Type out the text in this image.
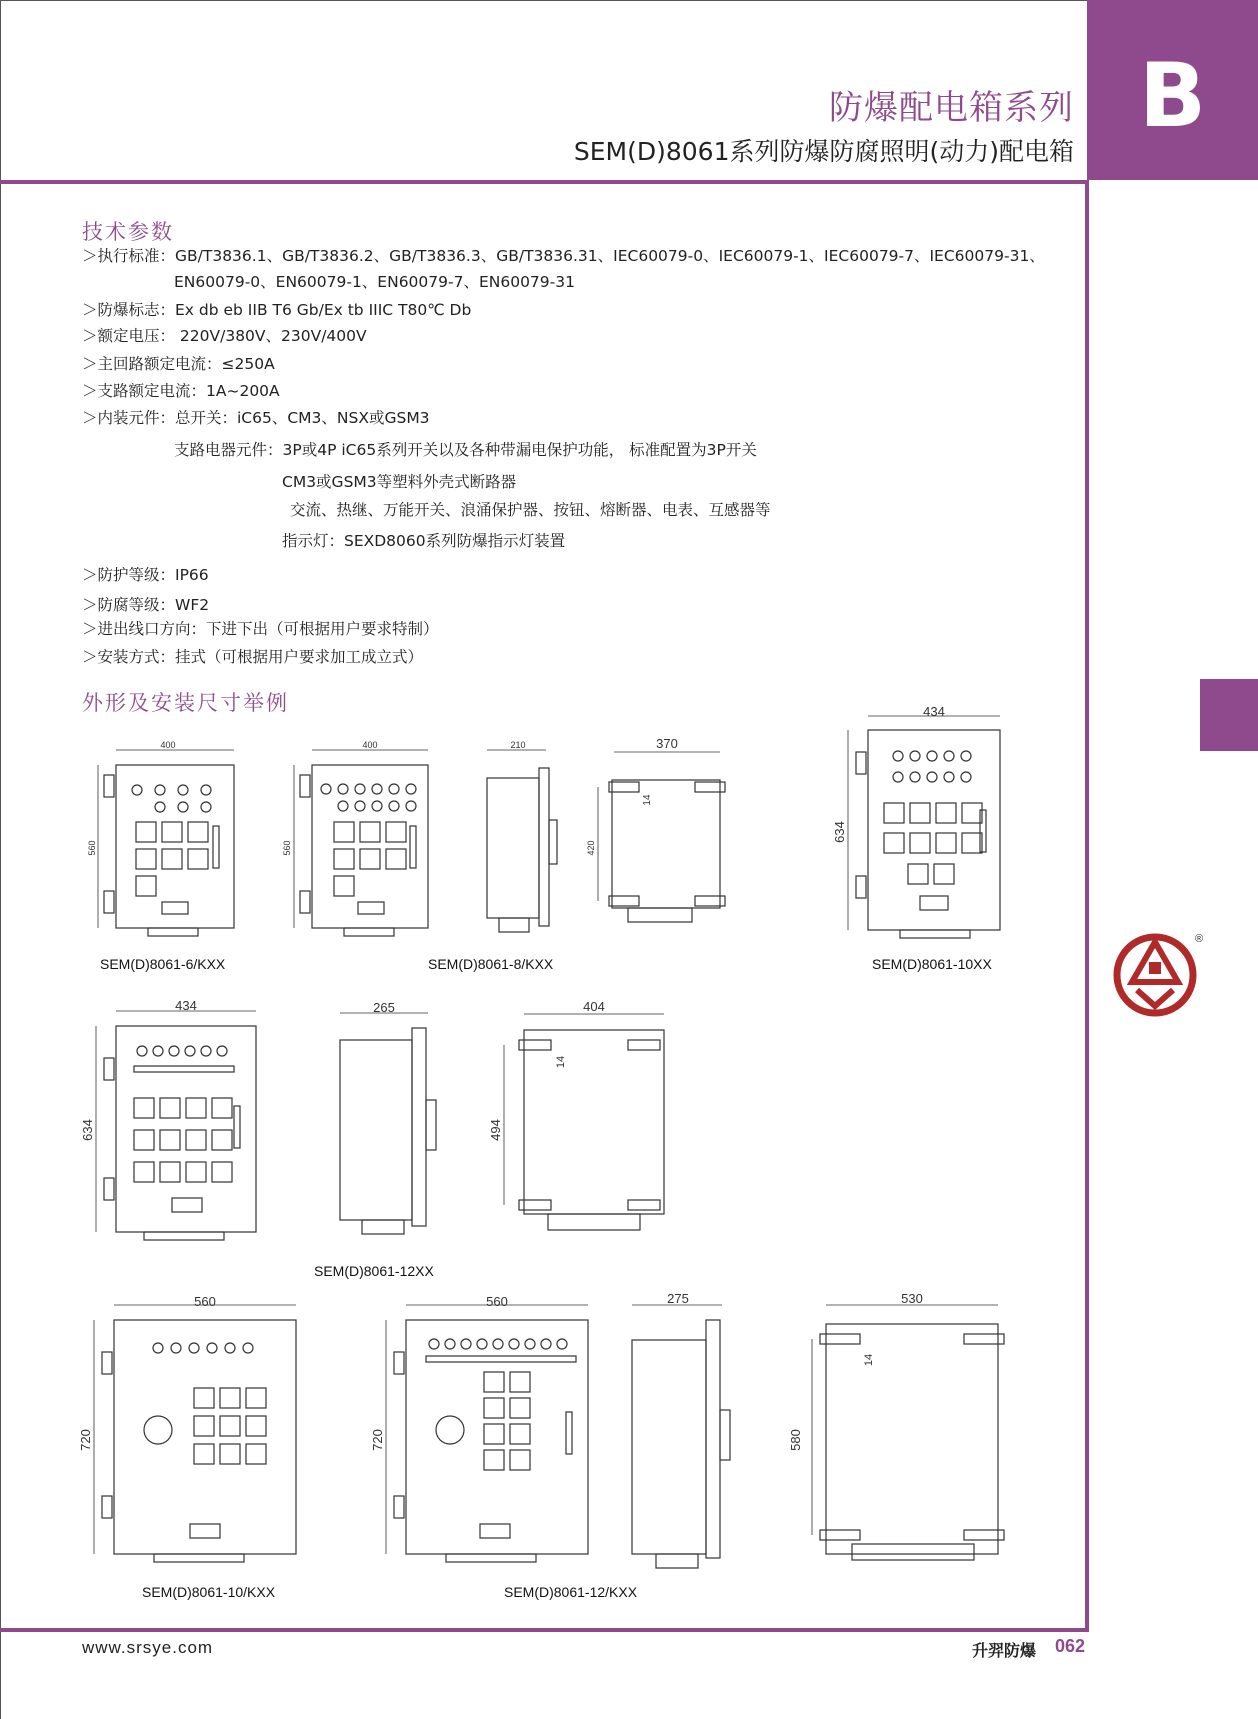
B
防爆配电箱系列
SEM(D)8061系列防爆防腐照明(动力)配电箱
®
技术参数
＞执行标准：GB/T3836.1、GB/T3836.2、GB/T3836.3、GB/T3836.31、IEC60079-0、IEC60079-1、IEC60079-7、IEC60079-31、
EN60079-0、EN60079-1、EN60079-7、EN60079-31
＞防爆标志：Ex db eb IIB T6 Gb/Ex tb IIIC T80℃ Db
＞额定电压： 220V/380V、230V/400V
＞主回路额定电流：≤250A
＞支路额定电流：1A~200A
＞内装元件：总开关：iC65、CM3、NSX或GSM3
支路电器元件：3P或4P iC65系列开关以及各种带漏电保护功能， 标准配置为3P开关
CM3或GSM3等塑料外壳式断路器
交流、热继、万能开关、浪涌保护器、按钮、熔断器、电表、互感器等
指示灯：SEXD8060系列防爆指示灯装置
＞防护等级：IP66
＞防腐等级：WF2
＞进出线口方向：下进下出（可根据用户要求特制）
＞安装方式：挂式（可根据用户要求加工成立式）
外形及安装尺寸举例
400
560
400
560
210	370
420
14
434
634
434
634
265	404
494
14
560
720
560
720
275	530
580
14
SEM(D)8061-6/KXX	SEM(D)8061-8/KXX	SEM(D)8061-10XX
SEM(D)8061-12XX
SEM(D)8061-10/KXX	SEM(D)8061-12/KXX
www.srsye.com	升羿防爆 062
